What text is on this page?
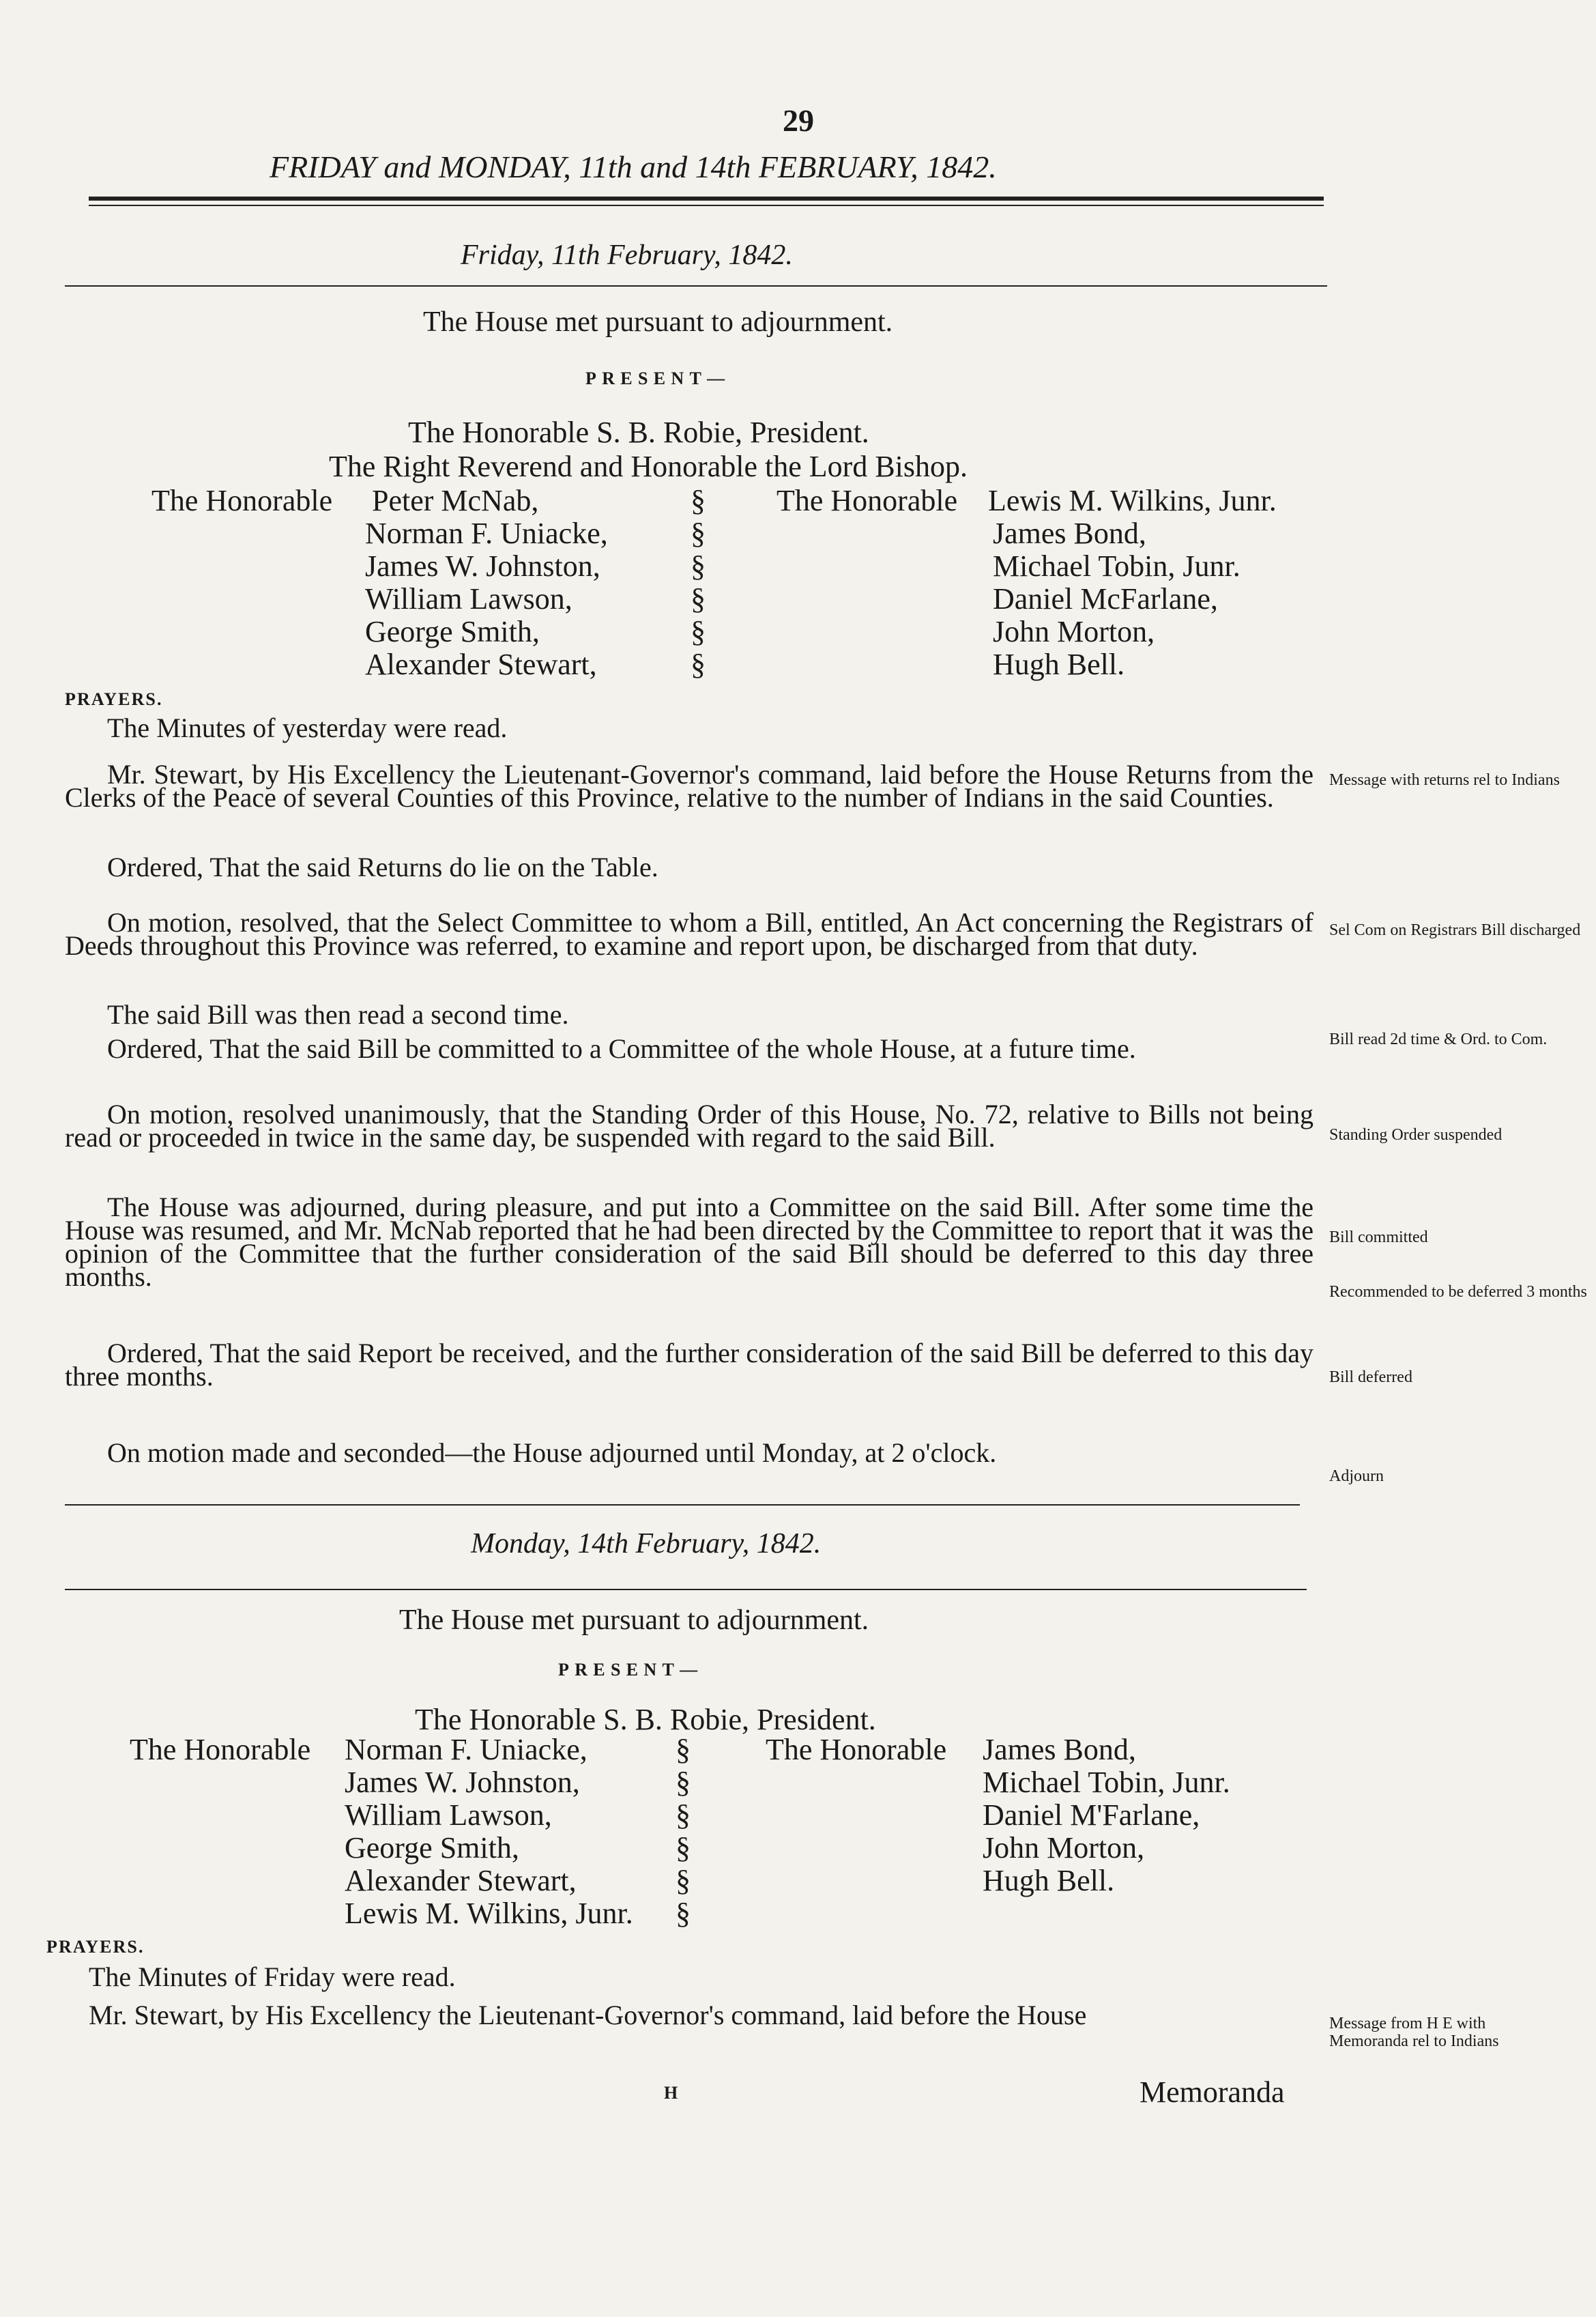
29
FRIDAY and MONDAY, 11th and 14th FEBRUARY, 1842.
Friday, 11th February, 1842.
The House met pursuant to adjournment.
PRESENT—
The Honorable S. B. Robie, President.
The Right Reverend and Honorable the Lord Bishop.
The Honorable Peter McNab,
Norman F. Uniacke,
James W. Johnston,
William Lawson,
George Smith,
Alexander Stewart,
§
§
§
§
§
§
The Honorable Lewis M. Wilkins, Junr.
James Bond,
Michael Tobin, Junr.
Daniel McFarlane,
John Morton,
Hugh Bell.
PRAYERS.
The Minutes of yesterday were read.
Mr. Stewart, by His Excellency the Lieutenant-Governor's command, laid before the House Returns from the Clerks of the Peace of several Counties of this Province, relative to the number of Indians in the said Counties.
Ordered, That the said Returns do lie on the Table.
On motion, resolved, that the Select Committee to whom a Bill, entitled, An Act concerning the Registrars of Deeds throughout this Province was referred, to examine and report upon, be discharged from that duty.
The said Bill was then read a second time.
Ordered, That the said Bill be committed to a Committee of the whole House, at a future time.
On motion, resolved unanimously, that the Standing Order of this House, No. 72, relative to Bills not being read or proceeded in twice in the same day, be suspended with regard to the said Bill.
The House was adjourned, during pleasure, and put into a Committee on the said Bill. After some time the House was resumed, and Mr. McNab reported that he had been directed by the Committee to report that it was the opinion of the Committee that the further consideration of the said Bill should be deferred to this day three months.
Ordered, That the said Report be received, and the further consideration of the said Bill be deferred to this day three months.
On motion made and seconded—the House adjourned until Monday, at 2 o'clock.
Message with returns rel to Indians
Sel Com on Registrars Bill discharged
Bill read 2d time & Ord. to Com.
Standing Order suspended
Bill committed
Recommended to be deferred 3 months
Bill deferred
Adjourn
Monday, 14th February, 1842.
The House met pursuant to adjournment.
PRESENT—
The Honorable S. B. Robie, President.
The Honorable Norman F. Uniacke,
James W. Johnston,
William Lawson,
George Smith,
Alexander Stewart,
Lewis M. Wilkins, Junr.
§
§
§
§
§
§
The Honorable James Bond,
Michael Tobin, Junr.
Daniel M'Farlane,
John Morton,
Hugh Bell.
PRAYERS.
The Minutes of Friday were read.
Mr. Stewart, by His Excellency the Lieutenant-Governor's command, laid before the House	Message from H E with Memoranda rel to Indians
H	Memoranda
